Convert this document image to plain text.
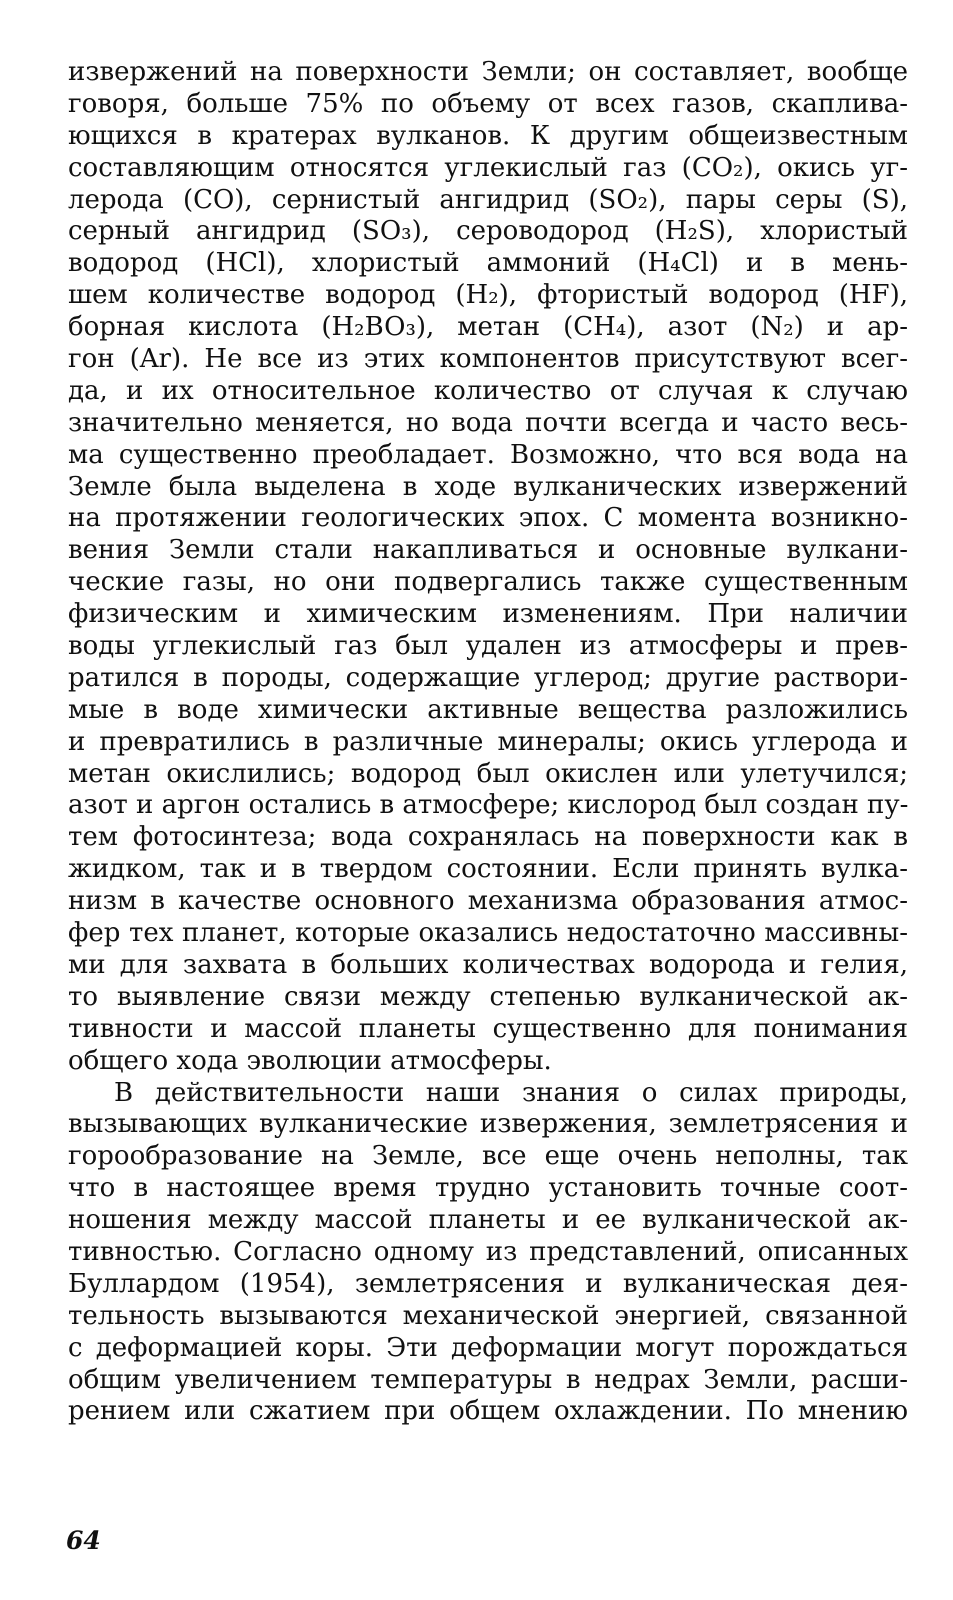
извержений на поверхности Земли; он составляет, вообще
говоря, больше 75% по объему от всех газов, скаплива-
ющихся в кратерах вулканов. К другим общеизвестным
составляющим относятся углекислый газ (CO₂), окись уг-
лерода (CO), сернистый ангидрид (SO₂), пары серы (S),
серный ангидрид (SO₃), сероводород (H₂S), хлористый
водород (HCl), хлористый аммоний (H₄Cl) и в мень-
шем количестве водород (H₂), фтористый водород (HF),
борная кислота (H₂BO₃), метан (CH₄), азот (N₂) и ар-
гон (Ar). Не все из этих компонентов присутствуют всег-
да, и их относительное количество от случая к случаю
значительно меняется, но вода почти всегда и часто весь-
ма существенно преобладает. Возможно, что вся вода на
Земле была выделена в ходе вулканических извержений
на протяжении геологических эпох. С момента возникно-
вения Земли стали накапливаться и основные вулкани-
ческие газы, но они подвергались также существенным
физическим и химическим изменениям. При наличии
воды углекислый газ был удален из атмосферы и прев-
ратился в породы, содержащие углерод; другие раствори-
мые в воде химически активные вещества разложились
и превратились в различные минералы; окись углерода и
метан окислились; водород был окислен или улетучился;
азот и аргон остались в атмосфере; кислород был создан пу-
тем фотосинтеза; вода сохранялась на поверхности как в
жидком, так и в твердом состоянии. Если принять вулка-
низм в качестве основного механизма образования атмос-
фер тех планет, которые оказались недостаточно массивны-
ми для захвата в больших количествах водорода и гелия,
то выявление связи между степенью вулканической ак-
тивности и массой планеты существенно для понимания
общего хода эволюции атмосферы.
В действительности наши знания о силах природы,
вызывающих вулканические извержения, землетрясения и
горообразование на Земле, все еще очень неполны, так
что в настоящее время трудно установить точные соот-
ношения между массой планеты и ее вулканической ак-
тивностью. Согласно одному из представлений, описанных
Буллардом (1954), землетрясения и вулканическая дея-
тельность вызываются механической энергией, связанной
с деформацией коры. Эти деформации могут порождаться
общим увеличением температуры в недрах Земли, расши-
рением или сжатием при общем охлаждении. По мнению
64
